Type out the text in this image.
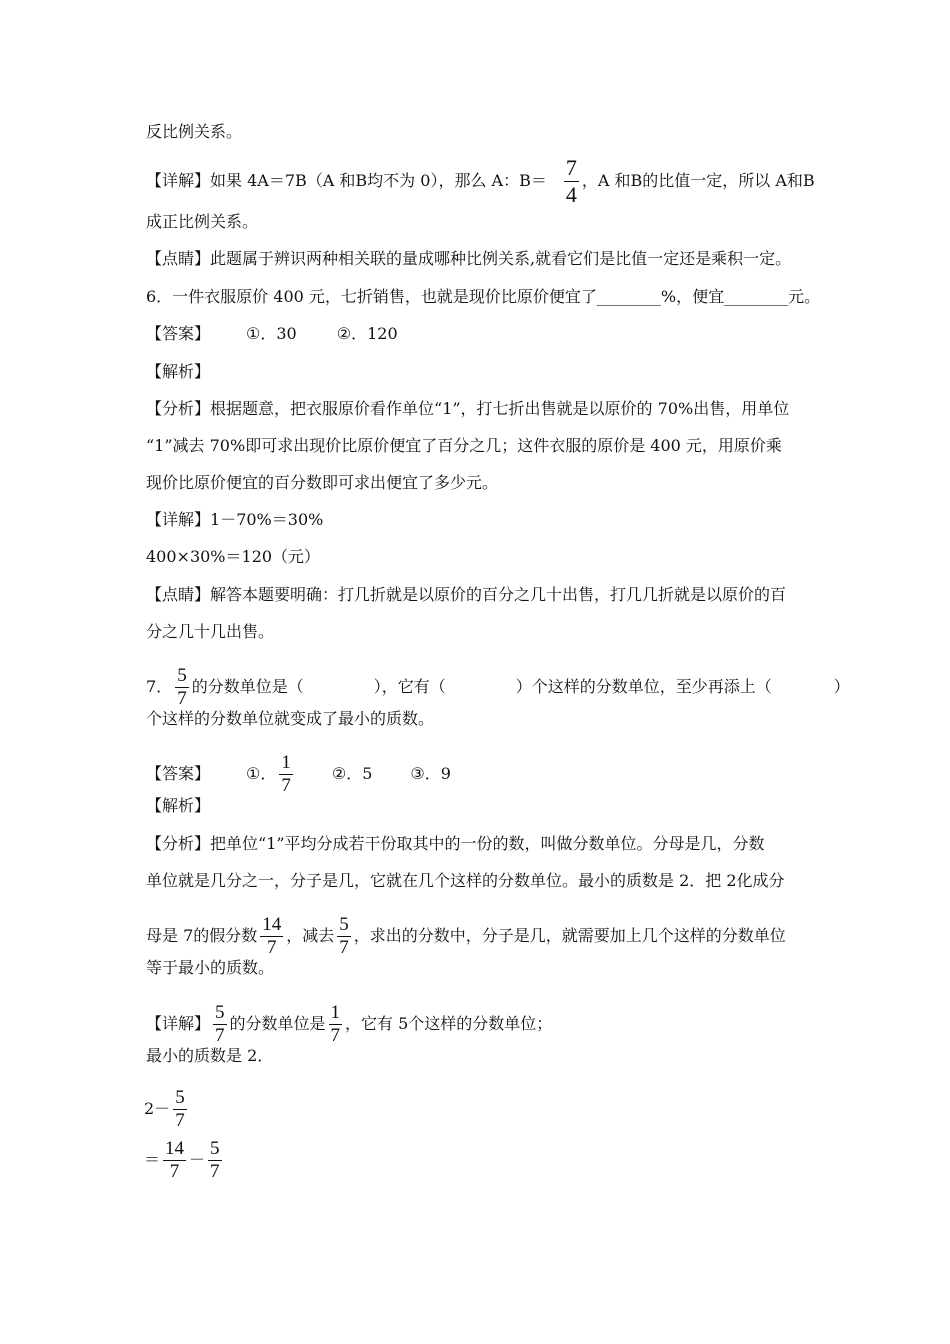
反比例关系。
【详解】如果 4A＝7B（A 和B均不为 0），那么 A：$B= \frac{7}{4}$ ，A 和B的比值一定，所以 A和B
成正比例关系。
【点睛】此题属于辨识两种相关联的量成哪种比例关系,就看它们是比值一定还是乘积一定。
6．一件衣服原价 400 元，七折销售，也就是现价比原价便宜了________%，便宜________元。
【答案】 ①．30	②．120
【解析】
【分析】根据题意，把衣服原价看作单位“1”，打七折出售就是以原价的 70%出售，用单位
“1”减去 70%即可求出现价比原价便宜了百分之几；这件衣服的原价是 400 元，用原价乘
现价比原价便宜的百分数即可求出便宜了多少元。
【详解】1－70%＝30%
400×30%＝120（元）
【点睛】解答本题要明确：打几折就是以原价的百分之几十出售，打几几折就是以原价的百
分之几十几出售。
7． $\frac{5}{7}$ 的分数单位是（	），它有（	）个这样的分数单位，至少再添上（	）
个这样的分数单位就变成了最小的质数。
【答案】 ①． $\frac{1}{7}$ ②．5 ③．9
【解析】
【分析】把单位“1”平均分成若干份取其中的一份的数，叫做分数单位。分母是几，分数
单位就是几分之一，分子是几，它就在几个这样的分数单位。最小的质数是 2．把 2化成分
母是 7的假分数 $\frac{14}{7}$ ，减去 $\frac{5}{7}$ ，求出的分数中，分子是几，就需要加上几个这样的分数单位
等于最小的质数。
【详解】 $\frac{5}{7}$ 的分数单位是 $\frac{1}{7}$ ，它有 5个这样的分数单位；
最小的质数是 2．
$2- \frac{5}{7}$
＝ $\frac{14}{7} - \frac{5}{7}$
